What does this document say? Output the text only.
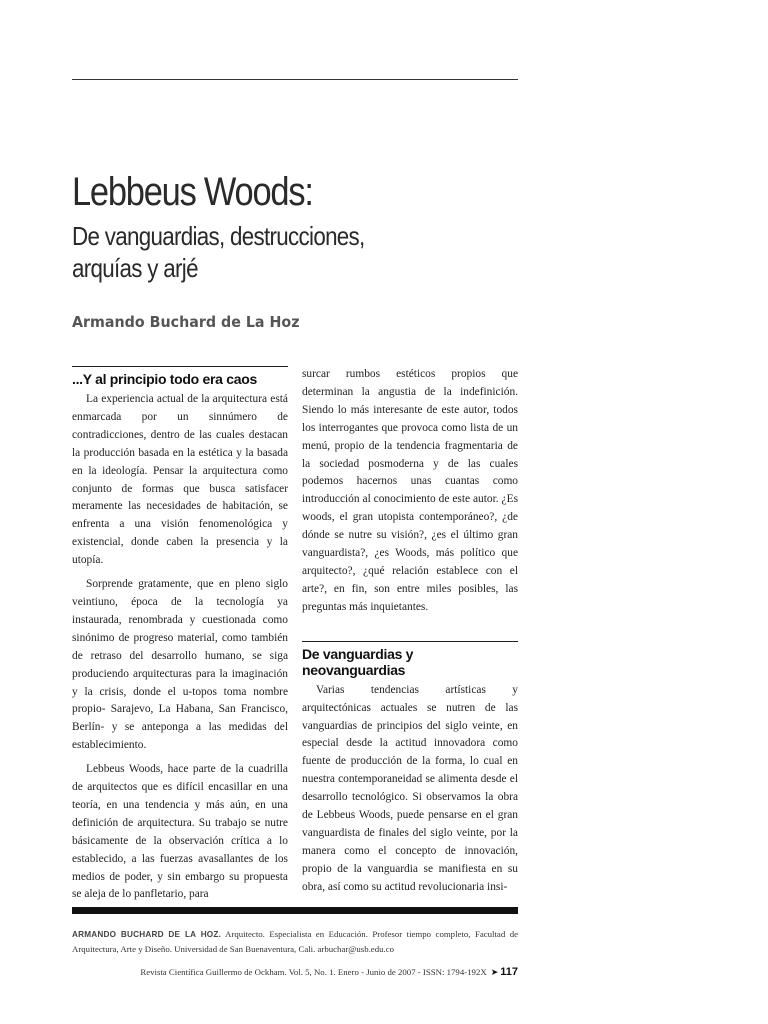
Lebbeus Woods:
De vanguardias, destrucciones,
arquías y arjé
Armando Buchard de La Hoz
...Y al principio todo era caos

La experiencia actual de la arquitectura está enmarcada por un sinnúmero de contradicciones, dentro de las cuales destacan la producción basada en la estética y la basada en la ideología. Pensar la arquitectura como conjunto de formas que busca satisfacer meramente las necesidades de habitación, se enfrenta a una visión fenomenológica y existencial, donde caben la presencia y la utopía.

Sorprende gratamente, que en pleno siglo veintiuno, época de la tecnología ya instaurada, renombrada y cuestionada como sinónimo de progreso material, como también de retraso del desarrollo humano, se siga produciendo arquitecturas para la imaginación y la crisis, donde el u-topos toma nombre propio- Sarajevo, La Habana, San Francisco, Berlín- y se anteponga a las medidas del establecimiento.

Lebbeus Woods, hace parte de la cuadrilla de arquitectos que es difícil encasillar en una teoría, en una tendencia y más aún, en una definición de arquitectura. Su trabajo se nutre básicamente de la observación crítica a lo establecido, a las fuerzas avasallantes de los medios de poder, y sin embargo su propuesta se aleja de lo panfletario, para

surcar rumbos estéticos propios que determinan la angustia de la indefinición. Siendo lo más interesante de este autor, todos los interrogantes que provoca como lista de un menú, propio de la tendencia fragmentaria de la sociedad posmoderna y de las cuales podemos hacernos unas cuantas como introducción al conocimiento de este autor. ¿Es woods, el gran utopista contemporáneo?, ¿de dónde se nutre su visión?, ¿es el último gran vanguardista?, ¿es Woods, más político que arquitecto?, ¿qué relación establece con el arte?, en fin, son entre miles posibles, las preguntas más inquietantes.

De vanguardias y neovanguardias

Varias tendencias artísticas y arquitectónicas actuales se nutren de las vanguardias de principios del siglo veinte, en especial desde la actitud innovadora como fuente de producción de la forma, lo cual en nuestra contemporaneidad se alimenta desde el desarrollo tecnológico. Si observamos la obra de Lebbeus Woods, puede pensarse en el gran vanguardista de finales del siglo veinte, por la manera como el concepto de innovación, propio de la vanguardia se manifiesta en su obra, así como su actitud revolucionaria insi-

ARMANDO BUCHARD DE LA HOZ. Arquitecto. Especialista en Educación. Profesor tiempo completo, Facultad de Arquitectura, Arte y Diseño. Universidad de San Buenaventura, Cali. arbuchar@usb.edu.co

Revista Científica Guillermo de Ockham. Vol. 5, No. 1. Enero - Junio de 2007 - ISSN: 1794-192X ➤ 117
